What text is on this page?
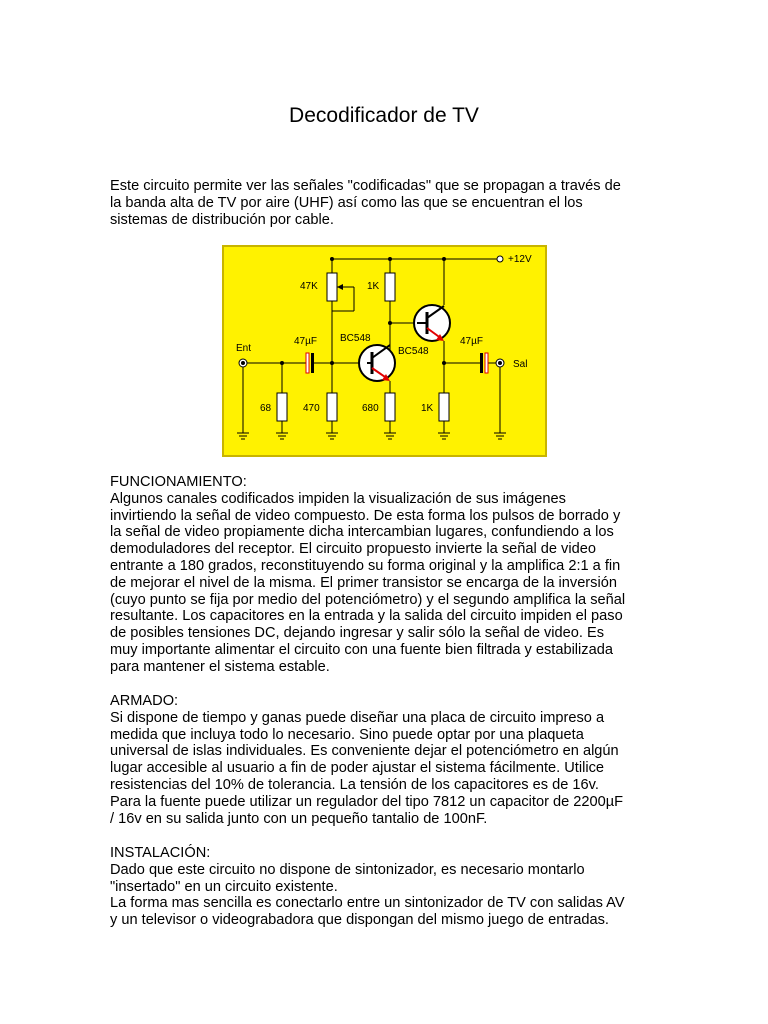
Decodificador de TV

Este circuito permite ver las señales "codificadas" que se propagan a través de
la banda alta de TV por aire (UHF) así como las que se encuentran el los
sistemas de distribución por cable.

+12V
47K	1K
Ent
47µF BC548
BC548
47µF
Sal
68	470	680	1K

FUNCIONAMIENTO:
Algunos canales codificados impiden la visualización de sus imágenes
invirtiendo la señal de video compuesto. De esta forma los pulsos de borrado y
la señal de video propiamente dicha intercambian lugares, confundiendo a los
demoduladores del receptor. El circuito propuesto invierte la señal de video
entrante a 180 grados, reconstituyendo su forma original y la amplifica 2:1 a fin
de mejorar el nivel de la misma. El primer transistor se encarga de la inversión
(cuyo punto se fija por medio del potenciómetro) y el segundo amplifica la señal
resultante. Los capacitores en la entrada y la salida del circuito impiden el paso
de posibles tensiones DC, dejando ingresar y salir sólo la señal de video. Es
muy importante alimentar el circuito con una fuente bien filtrada y estabilizada
para mantener el sistema estable.

ARMADO:
Si dispone de tiempo y ganas puede diseñar una placa de circuito impreso a
medida que incluya todo lo necesario. Sino puede optar por una plaqueta
universal de islas individuales. Es conveniente dejar el potenciómetro en algún
lugar accesible al usuario a fin de poder ajustar el sistema fácilmente. Utilice
resistencias del 10% de tolerancia. La tensión de los capacitores es de 16v.
Para la fuente puede utilizar un regulador del tipo 7812 un capacitor de 2200µF
/ 16v en su salida junto con un pequeño tantalio de 100nF.

INSTALACIÓN:
Dado que este circuito no dispone de sintonizador, es necesario montarlo
"insertado" en un circuito existente.
La forma mas sencilla es conectarlo entre un sintonizador de TV con salidas AV
y un televisor o videograbadora que dispongan del mismo juego de entradas.
